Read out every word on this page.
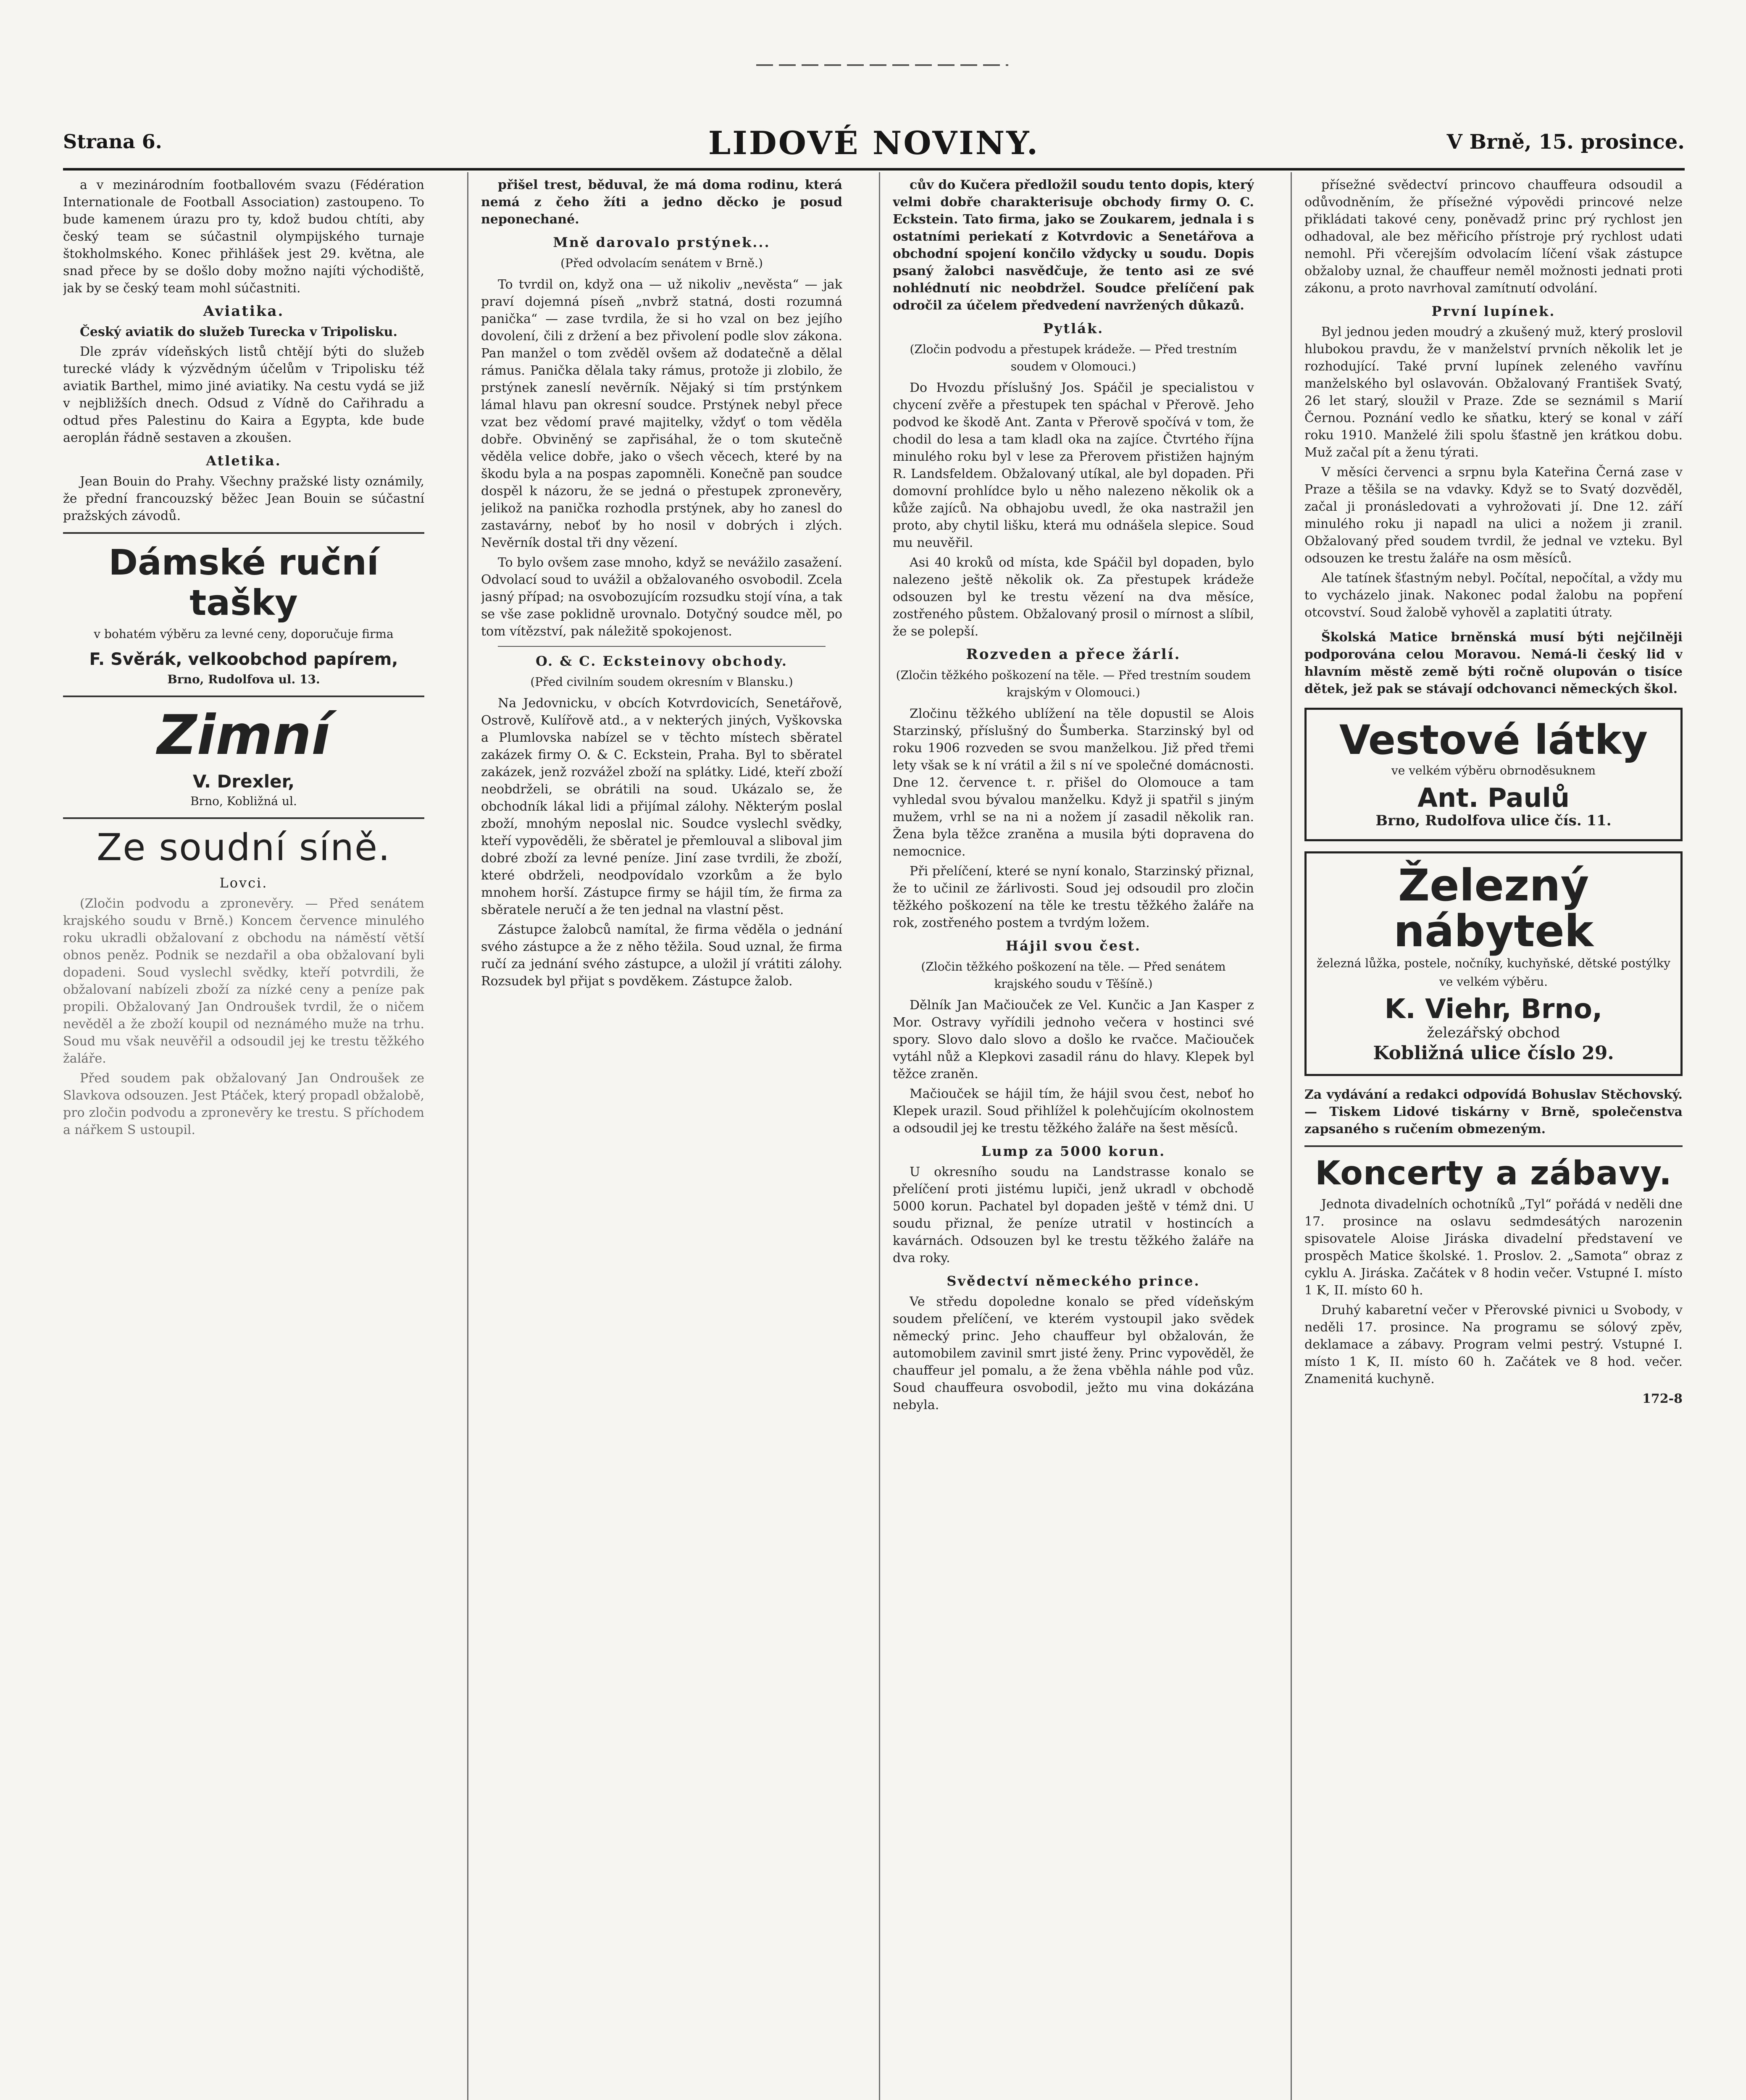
Strana 6.	LIDOVÉ NOVINY.	V Brně, 15. prosince.

a v mezinárodním footballovém svazu (Fédération Internationale de Football Association) zastoupeno. To bude kamenem úrazu pro ty, kdož budou chtíti, aby český team se súčastnil olympijského turnaje štokholmského. Konec přihlášek jest 29. května, ale snad přece by se došlo doby možno najíti východiště, jak by se český team mohl súčastniti.

Aviatika.

Český aviatik do služeb Turecka v Tripolisku.

Dle zpráv vídeňských listů chtějí býti do služeb turecké vlády k výzvědným účelům v Tripolisku též aviatik Barthel, mimo jiné aviatiky. Na cestu vydá se již v nejbližších dnech. Odsud z Vídně do Cařihradu a odtud přes Palestinu do Kaira a Egypta, kde bude aeroplán řádně sestaven a zkoušen.

Atletika.

Jean Bouin do Prahy. Všechny pražské listy oznámily, že přední francouzský běžec Jean Bouin se súčastní pražských závodů.

Dámské ruční tašky
v bohatém výběru za levné ceny, doporučuje firma
F. Svěrák, velkoobchod papírem,
Brno, Rudolfova ul. 13.
Zimní
V. Drexler,
Brno, Kobližná ul.
Ze soudní síně.
Lovci.

(Zločin podvodu a zpronevěry. — Před senátem krajského soudu v Brně.) Koncem července minulého roku ukradli obžalovaní z obchodu na náměstí větší obnos peněz. Podnik se nezdařil a oba obžalovaní byli dopadeni. Soud vyslechl svědky, kteří potvrdili, že obžalovaní nabízeli zboží za nízké ceny a peníze pak propili. Obžalovaný Jan Ondroušek tvrdil, že o ničem nevěděl a že zboží koupil od neznámého muže na trhu. Soud mu však neuvěřil a odsoudil jej ke trestu těžkého žaláře.

Před soudem pak obžalovaný Jan Ondroušek ze Slavkova odsouzen. Jest Ptáček, který propadl obžalobě, pro zločin podvodu a zpronevěry ke trestu. S příchodem a nářkem S ustoupil.

přišel trest, běduval, že má doma rodinu, která nemá z čeho žíti a jedno děcko je posud neponechané.

Mně darovalo prstýnek...
(Před odvolacím senátem v Brně.)

To tvrdil on, když ona — už nikoliv „nevěsta“ — jak praví dojemná píseň „nvbrž statná, dosti rozumná panička“ — zase tvrdila, že si ho vzal on bez jejího dovolení, čili z držení a bez přivolení podle slov zákona. Pan manžel o tom zvěděl ovšem až dodatečně a dělal rámus. Panička dělala taky rámus, protože ji zlobilo, že prstýnek zaneslí nevěrník. Nějaký si tím prstýnkem lámal hlavu pan okresní soudce. Prstýnek nebyl přece vzat bez vědomí pravé majitelky, vždyť o tom věděla dobře. Obviněný se zapřisáhal, že o tom skutečně věděla velice dobře, jako o všech věcech, které by na škodu byla a na pospas zapomněli. Konečně pan soudce dospěl k názoru, že se jedná o přestupek zpronevěry, jelikož na panička rozhodla prstýnek, aby ho zanesl do zastavárny, neboť by ho nosil v dobrých i zlých. Nevěrník dostal tři dny vězení.

To bylo ovšem zase mnoho, když se nevážilo zasažení. Odvolací soud to uvážil a obžalovaného osvobodil. Zcela jasný případ; na osvobozujícím rozsudku stojí vína, a tak se vše zase poklidně urovnalo. Dotyčný soudce měl, po tom vítězství, pak náležitě spokojenost.

O. & C. Ecksteinovy obchody.
(Před civilním soudem okresním v Blansku.)

Na Jedovnicku, v obcích Kotvrdovicích, Senetářově, Ostrově, Kulířově atd., a v nekterých jiných, Vyškovska a Plumlovska nabízel se v těchto místech sběratel zakázek firmy O. & C. Eckstein, Praha. Byl to sběratel zakázek, jenž rozvážel zboží na splátky. Lidé, kteří zboží neobdrželi, se obrátili na soud. Ukázalo se, že obchodník lákal lidi a přijímal zálohy. Některým poslal zboží, mnohým neposlal nic. Soudce vyslechl svědky, kteří vypověděli, že sběratel je přemlouval a sliboval jim dobré zboží za levné peníze. Jiní zase tvrdili, že zboží, které obdrželi, neodpovídalo vzorkům a že bylo mnohem horší. Zástupce firmy se hájil tím, že firma za sběratele neručí a že ten jednal na vlastní pěst.

Zástupce žalobců namítal, že firma věděla o jednání svého zástupce a že z něho těžila. Soud uznal, že firma ručí za jednání svého zástupce, a uložil jí vrátiti zálohy. Rozsudek byl přijat s povděkem. Zástupce žalob.

cův do Kučera předložil soudu tento dopis, který velmi dobře charakterisuje obchody firmy O. C. Eckstein. Tato firma, jako se Zoukarem, jednala i s ostatními periekatí z Kotvrdovic a Senetářova a obchodní spojení končilo vždycky u soudu. Dopis psaný žalobci nasvědčuje, že tento asi ze své nohlédnutí nic neobdržel. Soudce přelíčení pak odročil za účelem předvedení navržených důkazů.

Pytlák.
(Zločin podvodu a přestupek krádeže. — Před trestním soudem v Olomouci.)

Do Hvozdu příslušný Jos. Spáčil je specialistou v chycení zvěře a přestupek ten spáchal v Přerově. Jeho podvod ke škodě Ant. Zanta v Přerově spočívá v tom, že chodil do lesa a tam kladl oka na zajíce. Čtvrtého října minulého roku byl v lese za Přerovem přistižen hajným R. Landsfeldem. Obžalovaný utíkal, ale byl dopaden. Při domovní prohlídce bylo u něho nalezeno několik ok a kůže zajíců. Na obhajobu uvedl, že oka nastražil jen proto, aby chytil lišku, která mu odnášela slepice. Soud mu neuvěřil.

Asi 40 kroků od místa, kde Spáčil byl dopaden, bylo nalezeno ještě několik ok. Za přestupek krádeže odsouzen byl ke trestu vězení na dva měsíce, zostřeného půstem. Obžalovaný prosil o mírnost a slíbil, že se polepší.

Rozveden a přece žárlí.
(Zločin těžkého poškození na těle. — Před trestním soudem krajským v Olomouci.)

Zločinu těžkého ublížení na těle dopustil se Alois Starzinský, příslušný do Šumberka. Starzinský byl od roku 1906 rozveden se svou manželkou. Již před třemi lety však se k ní vrátil a žil s ní ve společné domácnosti. Dne 12. července t. r. přišel do Olomouce a tam vyhledal svou bývalou manželku. Když ji spatřil s jiným mužem, vrhl se na ni a nožem jí zasadil několik ran. Žena byla těžce zraněna a musila býti dopravena do nemocnice.

Při přelíčení, které se nyní konalo, Starzinský přiznal, že to učinil ze žárlivosti. Soud jej odsoudil pro zločin těžkého poškození na těle ke trestu těžkého žaláře na rok, zostřeného postem a tvrdým ložem.

Hájil svou čest.
(Zločin těžkého poškození na těle. — Před senátem krajského soudu v Těšíně.)

Dělník Jan Mačiouček ze Vel. Kunčic a Jan Kasper z Mor. Ostravy vyřídili jednoho večera v hostinci své spory. Slovo dalo slovo a došlo ke rvačce. Mačiouček vytáhl nůž a Klepkovi zasadil ránu do hlavy. Klepek byl těžce zraněn.

Mačiouček se hájil tím, že hájil svou čest, neboť ho Klepek urazil. Soud přihlížel k polehčujícím okolnostem a odsoudil jej ke trestu těžkého žaláře na šest měsíců.

Lump za 5000 korun.

U okresního soudu na Landstrasse konalo se přelíčení proti jistému lupiči, jenž ukradl v obchodě 5000 korun. Pachatel byl dopaden ještě v témž dni. U soudu přiznal, že peníze utratil v hostincích a kavárnách. Odsouzen byl ke trestu těžkého žaláře na dva roky.

Svědectví německého prince.

Ve středu dopoledne konalo se před vídeňským soudem přelíčení, ve kterém vystoupil jako svědek německý princ. Jeho chauffeur byl obžalován, že automobilem zavinil smrt jisté ženy. Princ vypověděl, že chauffeur jel pomalu, a že žena vběhla náhle pod vůz. Soud chauffeura osvobodil, ježto mu vina dokázána nebyla.

přísežné svědectví princovo chauffeura odsoudil a odůvodněním, že přísežné výpovědi princové nelze přikládati takové ceny, poněvadž princ prý rychlost jen odhadoval, ale bez měřicího přístroje prý rychlost udati nemohl. Při včerejším odvolacím líčení však zástupce obžaloby uznal, že chauffeur neměl možnosti jednati proti zákonu, a proto navrhoval zamítnutí odvolání.

První lupínek.

Byl jednou jeden moudrý a zkušený muž, který proslovil hlubokou pravdu, že v manželství prvních několik let je rozhodující. Také první lupínek zeleného vavřínu manželského byl oslavován. Obžalovaný František Svatý, 26 let starý, sloužil v Praze. Zde se seznámil s Marií Černou. Poznání vedlo ke sňatku, který se konal v září roku 1910. Manželé žili spolu šťastně jen krátkou dobu. Muž začal pít a ženu týrati.

V měsíci červenci a srpnu byla Kateřina Černá zase v Praze a těšila se na vdavky. Když se to Svatý dozvěděl, začal ji pronásledovati a vyhrožovati jí. Dne 12. září minulého roku ji napadl na ulici a nožem ji zranil. Obžalovaný před soudem tvrdil, že jednal ve vzteku. Byl odsouzen ke trestu žaláře na osm měsíců.

Ale tatínek šťastným nebyl. Počítal, nepočítal, a vždy mu to vycházelo jinak. Nakonec podal žalobu na popření otcovství. Soud žalobě vyhověl a zaplatiti útraty.

Školská Matice brněnská musí býti nejčilněji podporována celou Moravou. Nemá-li český lid v hlavním městě země býti ročně olupován o tisíce dětek, jež pak se stávají odchovanci německých škol.

Vestové látky
ve velkém výběru obrnoděsuknem
Ant. Paulů
Brno, Rudolfova ulice čís. 11.
Železný nábytek
železná lůžka, postele, nočníky, kuchyňské, dětské postýlky ve velkém výběru.
K. Viehr, Brno,
železářský obchod
Kobližná ulice číslo 29.

Za vydávání a redakci odpovídá Bohuslav Stěchovský. — Tiskem Lidové tiskárny v Brně, společenstva zapsaného s ručením obmezeným.

Koncerty a zábavy.

Jednota divadelních ochotníků „Tyl“ pořádá v neděli dne 17. prosince na oslavu sedmdesátých narozenin spisovatele Aloise Jiráska divadelní představení ve prospěch Matice školské. 1. Proslov. 2. „Samota“ obraz z cyklu A. Jiráska. Začátek v 8 hodin večer. Vstupné I. místo 1 K, II. místo 60 h.

Druhý kabaretní večer v Přerovské pivnici u Svobody, v neděli 17. prosince. Na programu se sólový zpěv, deklamace a zábavy. Program velmi pestrý. Vstupné I. místo 1 K, II. místo 60 h. Začátek ve 8 hod. večer. Znamenitá kuchyně.

172-8
